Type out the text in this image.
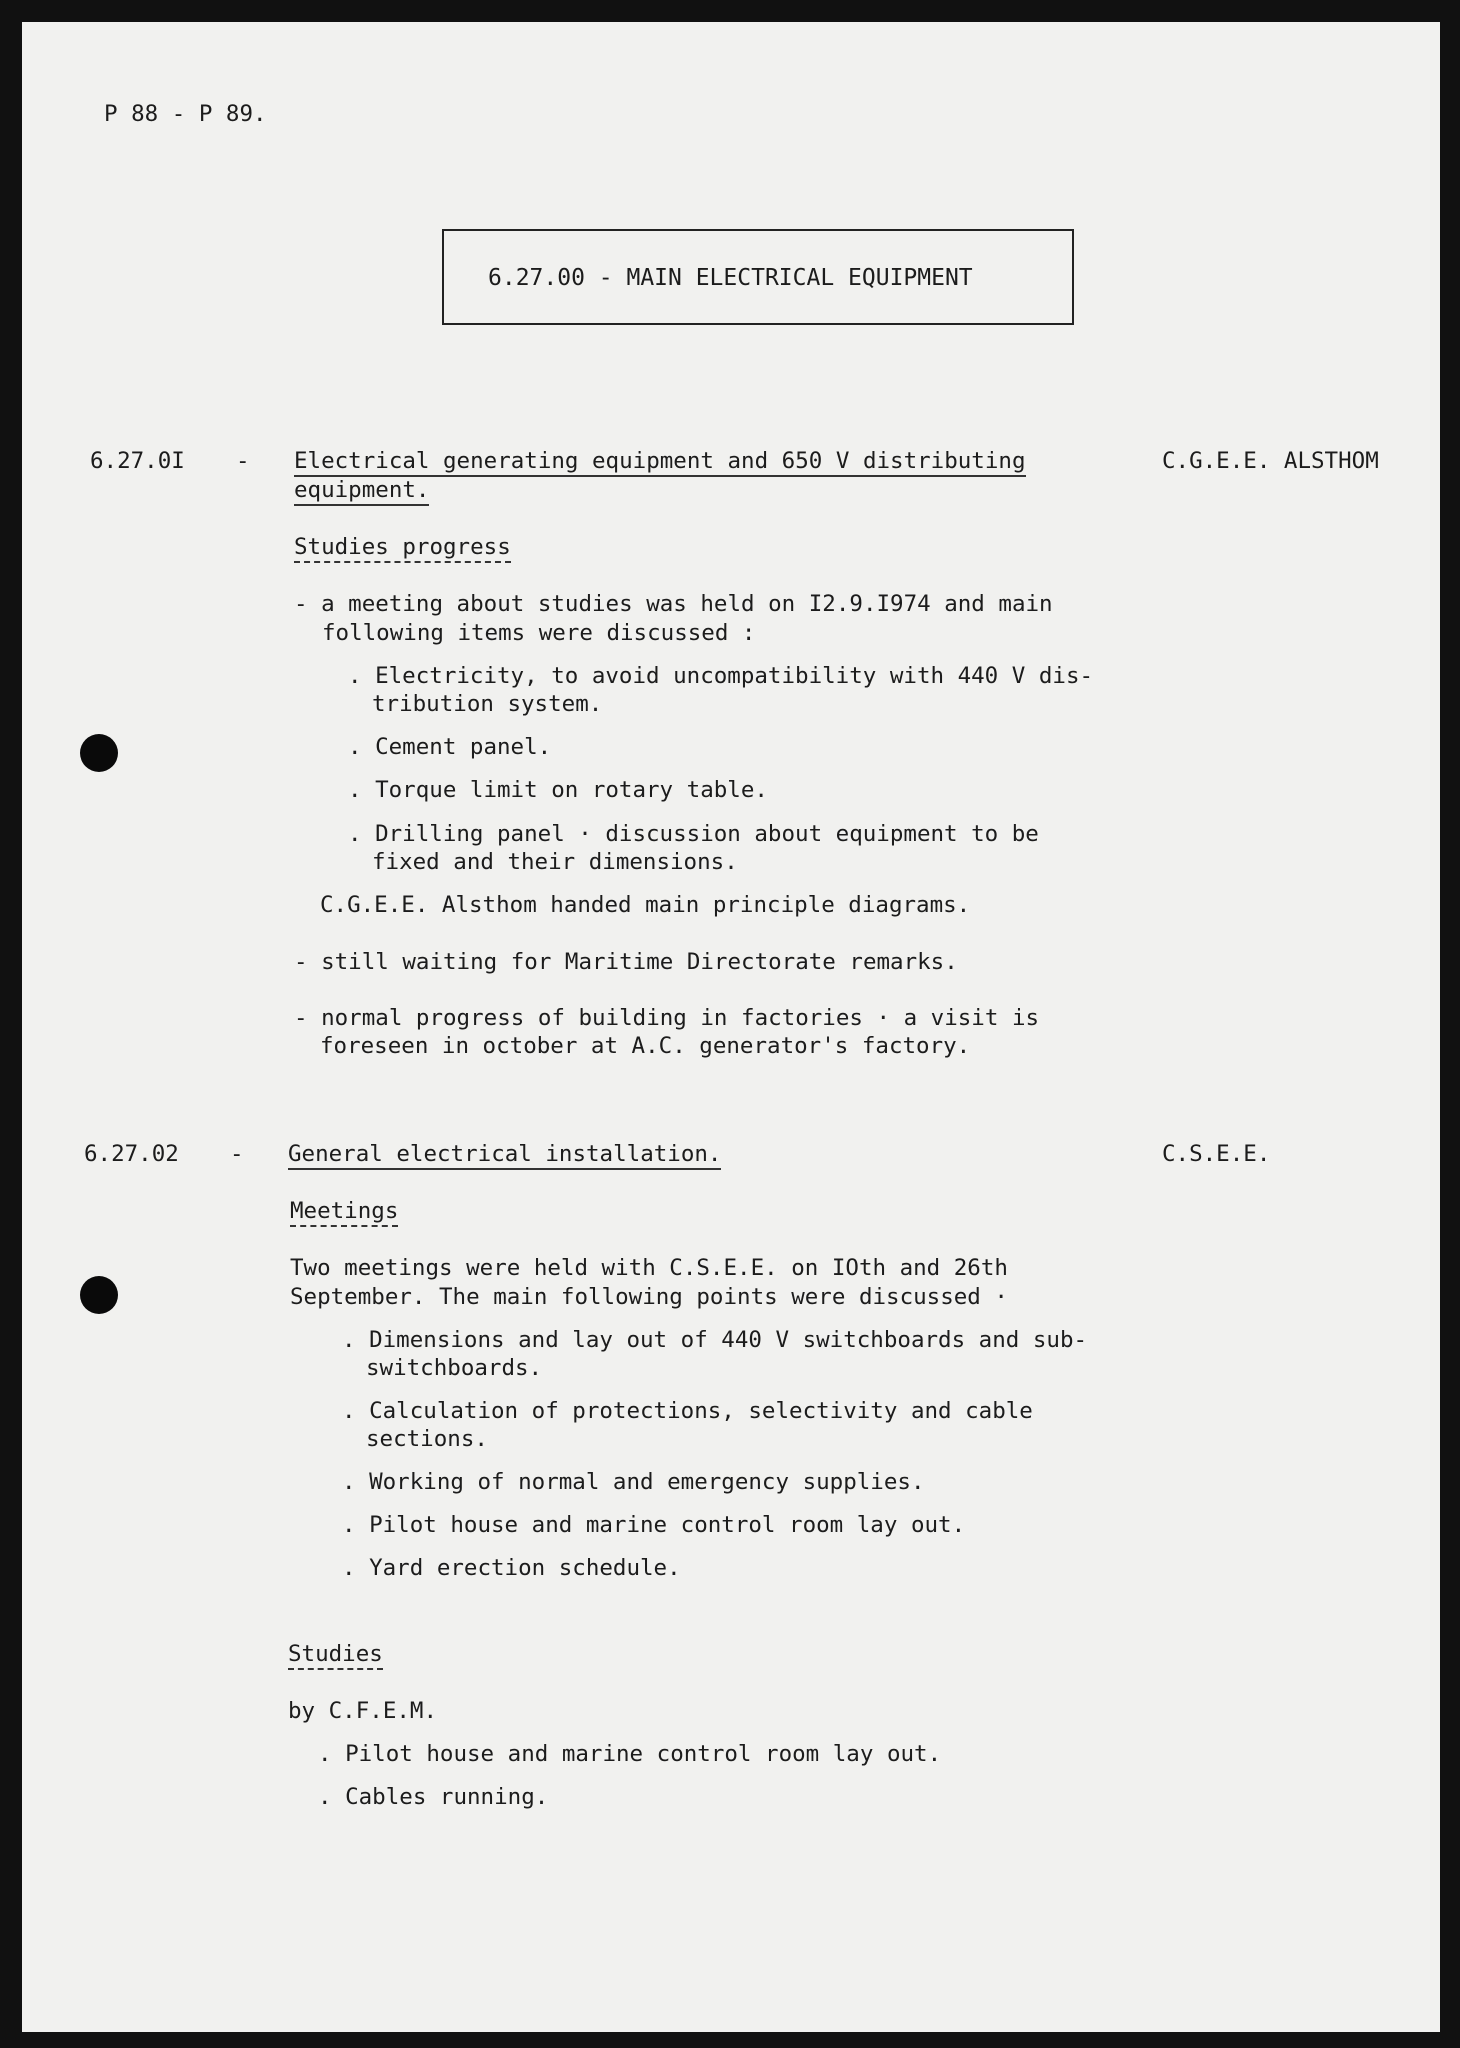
P 88 - P 89.
6.27.00 - MAIN ELECTRICAL EQUIPMENT
6.27.0I - Electrical generating equipment and 650 V distributing
equipment.
C.G.E.E. ALSTHOM
Studies progress
- a meeting about studies was held on I2.9.I974 and main
following items were discussed :
. Electricity, to avoid uncompatibility with 440 V dis-
tribution system.
. Cement panel.
. Torque limit on rotary table.
. Drilling panel · discussion about equipment to be
fixed and their dimensions.
C.G.E.E. Alsthom handed main principle diagrams.
- still waiting for Maritime Directorate remarks.
- normal progress of building in factories · a visit is
foreseen in october at A.C. generator's factory.
6.27.02 - General electrical installation.	C.S.E.E.
Meetings
Two meetings were held with C.S.E.E. on IOth and 26th
September. The main following points were discussed ·
. Dimensions and lay out of 440 V switchboards and sub-
switchboards.
. Calculation of protections, selectivity and cable
sections.
. Working of normal and emergency supplies.
. Pilot house and marine control room lay out.
. Yard erection schedule.
Studies
by C.F.E.M.
. Pilot house and marine control room lay out.
. Cables running.
